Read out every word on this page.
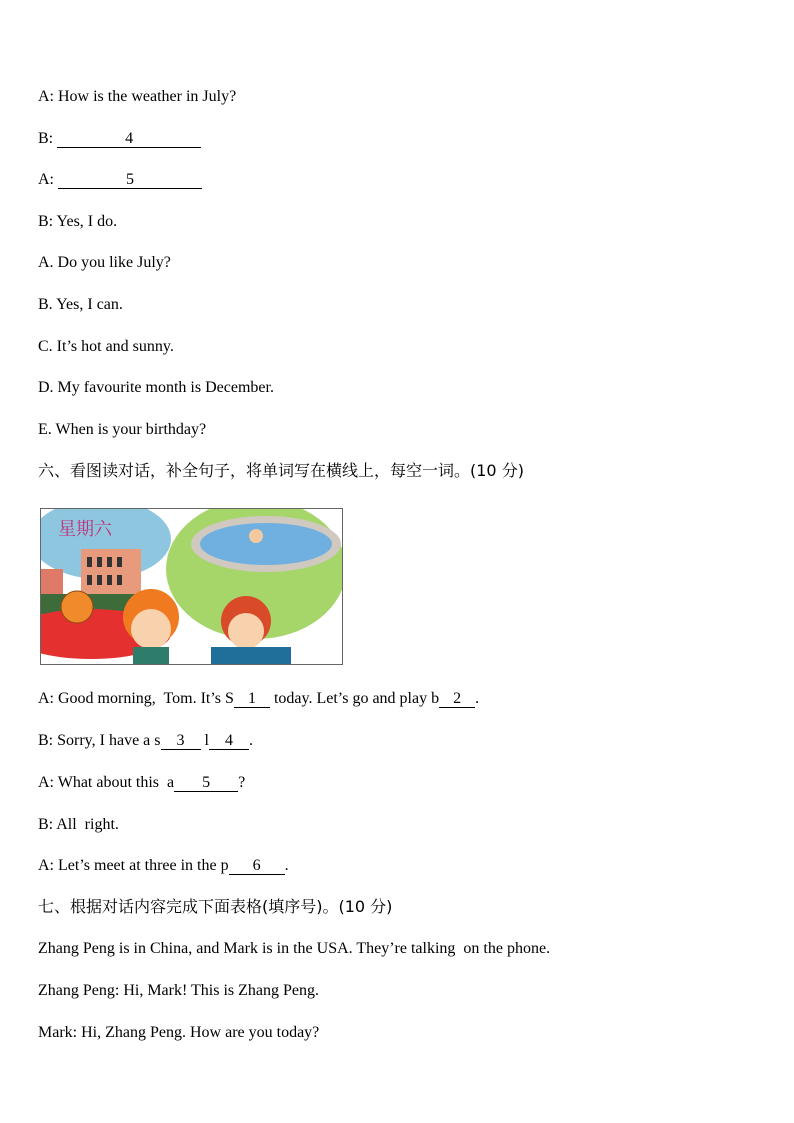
A: How is the weather in July?
B:	4
A:	5
B: Yes, I do.
A. Do you like July?
B. Yes, I can.
C. It’s hot and sunny.
D. My favourite month is December.
E. When is your birthday?
六、看图读对话，补全句子，将单词写在横线上，每空一词。(10 分)
星期六
A: Good morning,  Tom. It’s S 1 today. Let’s go and play b 2 .
B: Sorry, I have a s 3 l 4 .
A: What about this  a 5 ?
B: All  right.
A: Let’s meet at three in the p 6 .
七、根据对话内容完成下面表格(填序号)。(10 分)
Zhang Peng is in China, and Mark is in the USA. They’re talking  on the phone.
Zhang Peng: Hi, Mark! This is Zhang Peng.
Mark: Hi, Zhang Peng. How are you today?
